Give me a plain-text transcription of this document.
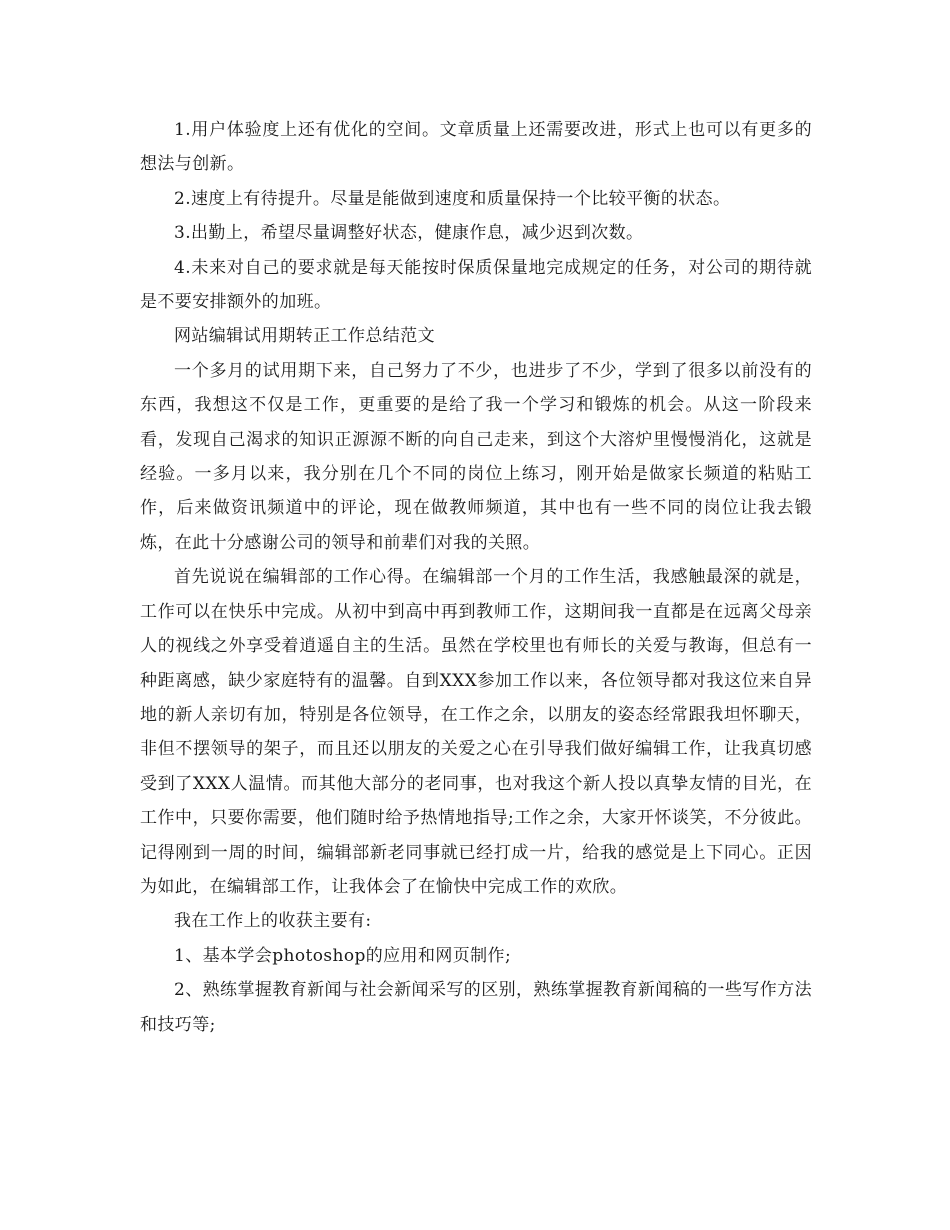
1.用户体验度上还有优化的空间。文章质量上还需要改进，形式上也可以有更多的想法与创新。

2.速度上有待提升。尽量是能做到速度和质量保持一个比较平衡的状态。

3.出勤上，希望尽量调整好状态，健康作息，减少迟到次数。

4.未来对自己的要求就是每天能按时保质保量地完成规定的任务，对公司的期待就是不要安排额外的加班。

网站编辑试用期转正工作总结范文

一个多月的试用期下来，自己努力了不少，也进步了不少，学到了很多以前没有的东西，我想这不仅是工作，更重要的是给了我一个学习和锻炼的机会。从这一阶段来看，发现自己渴求的知识正源源不断的向自己走来，到这个大溶炉里慢慢消化，这就是经验。一多月以来，我分别在几个不同的岗位上练习，刚开始是做家长频道的粘贴工作，后来做资讯频道中的评论，现在做教师频道，其中也有一些不同的岗位让我去锻炼，在此十分感谢公司的领导和前辈们对我的关照。

首先说说在编辑部的工作心得。在编辑部一个月的工作生活，我感触最深的就是，工作可以在快乐中完成。从初中到高中再到教师工作，这期间我一直都是在远离父母亲人的视线之外享受着逍遥自主的生活。虽然在学校里也有师长的关爱与教诲，但总有一种距离感，缺少家庭特有的温馨。自到XXX参加工作以来，各位领导都对我这位来自异地的新人亲切有加，特别是各位领导，在工作之余，以朋友的姿态经常跟我坦怀聊天，非但不摆领导的架子，而且还以朋友的关爱之心在引导我们做好编辑工作，让我真切感受到了XXX人温情。而其他大部分的老同事，也对我这个新人投以真挚友情的目光，在工作中，只要你需要，他们随时给予热情地指导;工作之余，大家开怀谈笑，不分彼此。记得刚到一周的时间，编辑部新老同事就已经打成一片，给我的感觉是上下同心。正因为如此，在编辑部工作，让我体会了在愉快中完成工作的欢欣。

我在工作上的收获主要有:

1、基本学会photoshop的应用和网页制作;

2、熟练掌握教育新闻与社会新闻采写的区别，熟练掌握教育新闻稿的一些写作方法和技巧等;
